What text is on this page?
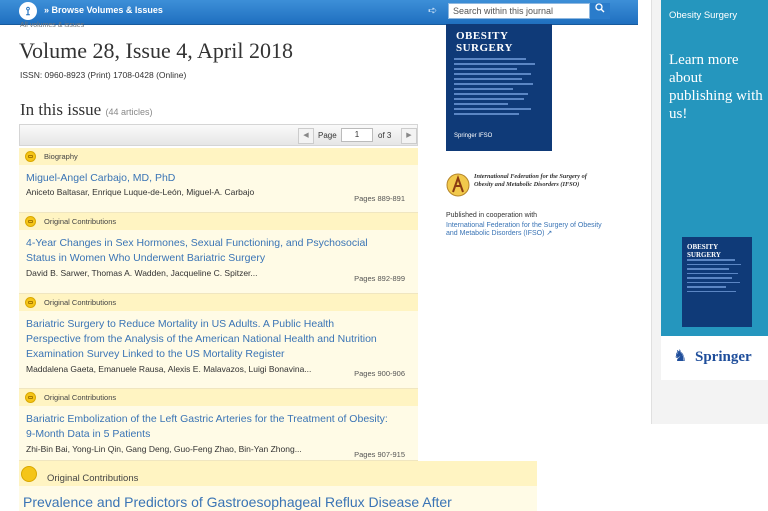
⟟	» Browse Volumes & Issues	➪	Search within this journal
All volumes & issues
Volume 28, Issue 4, April 2018
ISSN: 0960-8923 (Print) 1708-0428 (Online)
In this issue (44 articles)
◀	Page	1	of 3	▶
Biography
Miguel-Angel Carbajo, MD, PhD
Aniceto Baltasar, Enrique Luque-de-León, Miguel-A. Carbajo
Pages 889-891
Original Contributions
4-Year Changes in Sex Hormones, Sexual Functioning, and Psychosocial
Status in Women Who Underwent Bariatric Surgery
David B. Sarwer, Thomas A. Wadden, Jacqueline C. Spitzer...
Pages 892-899
Original Contributions
Bariatric Surgery to Reduce Mortality in US Adults. A Public Health
Perspective from the Analysis of the American National Health and Nutrition
Examination Survey Linked to the US Mortality Register
Maddalena Gaeta, Emanuele Rausa, Alexis E. Malavazos, Luigi Bonavina...	Pages 900-906
Original Contributions
Bariatric Embolization of the Left Gastric Arteries for the Treatment of Obesity:
9-Month Data in 5 Patients
Zhi-Bin Bai, Yong-Lin Qin, Gang Deng, Guo-Feng Zhao, Bin-Yan Zhong...
Pages 907-915
Original Contributions
Prevalence and Predictors of Gastroesophageal Reflux Disease After
OBESITY SURGERY
Springer IFSO
International Federation for the Surgery of Obesity and Metabolic Disorders (IFSO)
Published in cooperation with
International Federation for the Surgery of Obesity and Metabolic Disorders (IFSO) ↗
Obesity Surgery
Learn more about publishing with us!
OBESITY SURGERY
♞ Springer
